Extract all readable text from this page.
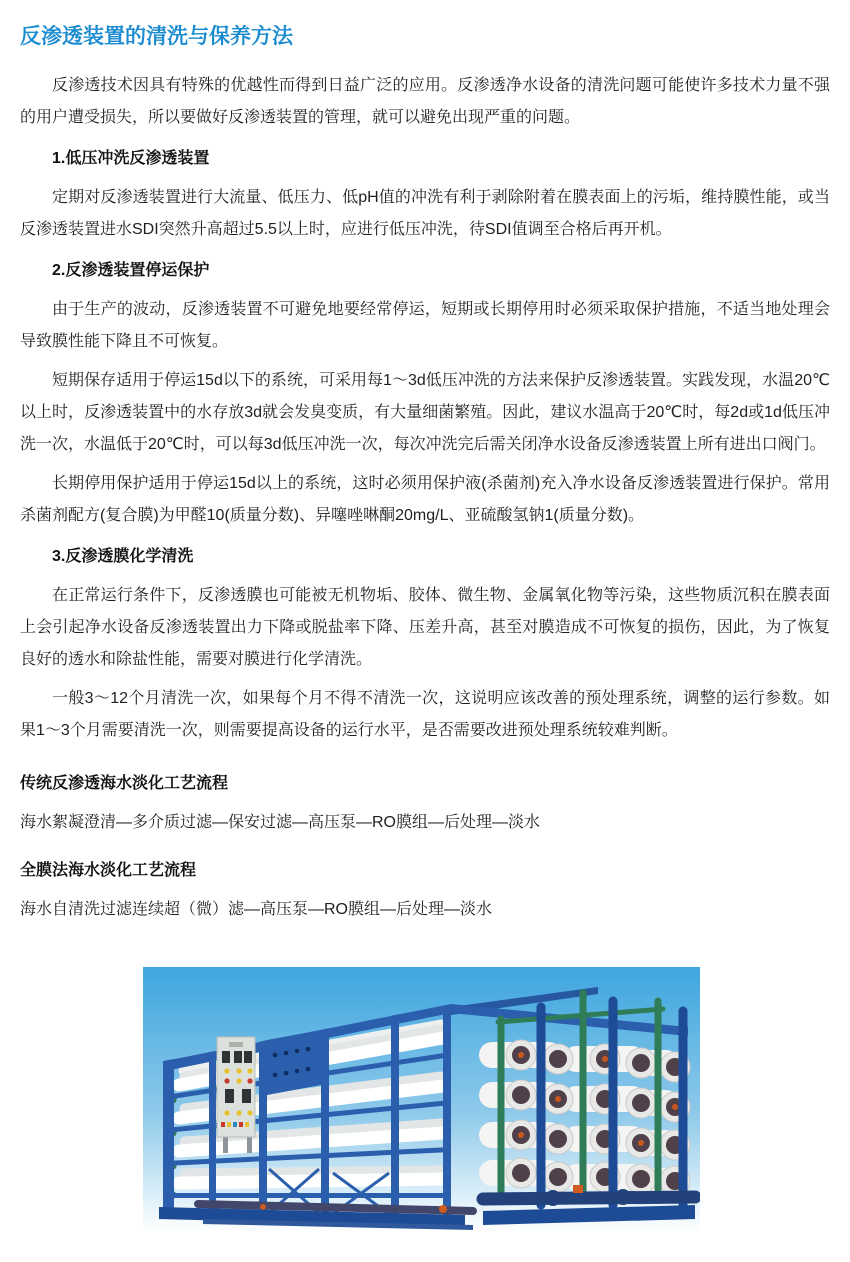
反渗透装置的清洗与保养方法

反渗透技术因具有特殊的优越性而得到日益广泛的应用。反渗透净水设备的清洗问题可能使许多技术力量不强的用户遭受损失，所以要做好反渗透装置的管理，就可以避免出现严重的问题。

1.低压冲洗反渗透装置

定期对反渗透装置进行大流量、低压力、低pH值的冲洗有利于剥除附着在膜表面上的污垢，维持膜性能，或当反渗透装置进水SDI突然升高超过5.5以上时，应进行低压冲洗，待SDI值调至合格后再开机。

2.反渗透装置停运保护

由于生产的波动，反渗透装置不可避免地要经常停运，短期或长期停用时必须采取保护措施，不适当地处理会导致膜性能下降且不可恢复。

短期保存适用于停运15d以下的系统，可采用每1～3d低压冲洗的方法来保护反渗透装置。实践发现，水温20℃以上时，反渗透装置中的水存放3d就会发臭变质，有大量细菌繁殖。因此，建议水温高于20℃时，每2d或1d低压冲洗一次，水温低于20℃时，可以每3d低压冲洗一次，每次冲洗完后需关闭净水设备反渗透装置上所有进出口阀门。

长期停用保护适用于停运15d以上的系统，这时必须用保护液(杀菌剂)充入净水设备反渗透装置进行保护。常用杀菌剂配方(复合膜)为甲醛10(质量分数)、异噻唑啉酮20mg/L、亚硫酸氢钠1(质量分数)。

3.反渗透膜化学清洗

在正常运行条件下，反渗透膜也可能被无机物垢、胶体、微生物、金属氧化物等污染，这些物质沉积在膜表面上会引起净水设备反渗透装置出力下降或脱盐率下降、压差升高，甚至对膜造成不可恢复的损伤，因此，为了恢复良好的透水和除盐性能，需要对膜进行化学清洗。

一般3～12个月清洗一次，如果每个月不得不清洗一次，这说明应该改善的预处理系统，调整的运行参数。如果1～3个月需要清洗一次，则需要提高设备的运行水平，是否需要改进预处理系统较难判断。

传统反渗透海水淡化工艺流程

海水絮凝澄清—多介质过滤—保安过滤—高压泵—RO膜组—后处理—淡水

全膜法海水淡化工艺流程

海水自清洗过滤连续超（微）滤—高压泵—RO膜组—后处理—淡水
